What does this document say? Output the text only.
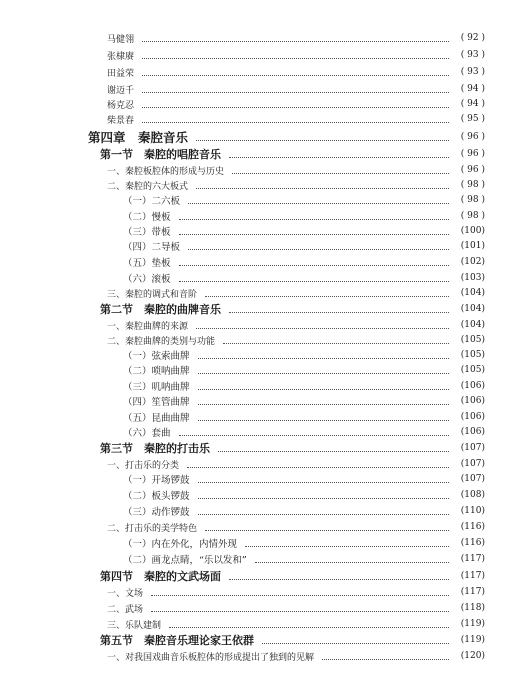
马健翎	( 92 )
张棣赓	( 93 )
田益荣	( 93 )
谢迈千	( 94 )
杨克忍	( 94 )
柴景春	( 95 )
第四章　秦腔音乐	( 96 )
第一节　秦腔的唱腔音乐	( 96 )
一、秦腔板腔体的形成与历史	( 96 )
二、秦腔的六大板式	( 98 )
（一）二六板	( 98 )
（二）慢板	( 98 )
（三）带板	(100)
（四）二导板	(101)
（五）垫板	(102)
（六）滚板	(103)
三、秦腔的调式和音阶	(104)
第二节　秦腔的曲牌音乐	(104)
一、秦腔曲牌的来源	(104)
二、秦腔曲牌的类别与功能	(105)
（一）弦索曲牌	(105)
（二）唢呐曲牌	(105)
（三）叽呐曲牌	(106)
（四）笙管曲牌	(106)
（五）昆曲曲牌	(106)
（六）套曲	(106)
第三节　秦腔的打击乐	(107)
一、打击乐的分类	(107)
（一）开场锣鼓	(107)
（二）板头锣鼓	(108)
（三）动作锣鼓	(110)
二、打击乐的美学特色	(116)
（一）内在外化，内情外现	(116)
（二）画龙点睛，“乐以发和”	(117)
第四节　秦腔的文武场面	(117)
一、文场	(117)
二、武场	(118)
三、乐队建制	(119)
第五节　秦腔音乐理论家王依群	(119)
一、对我国戏曲音乐板腔体的形成提出了独到的见解	(120)
